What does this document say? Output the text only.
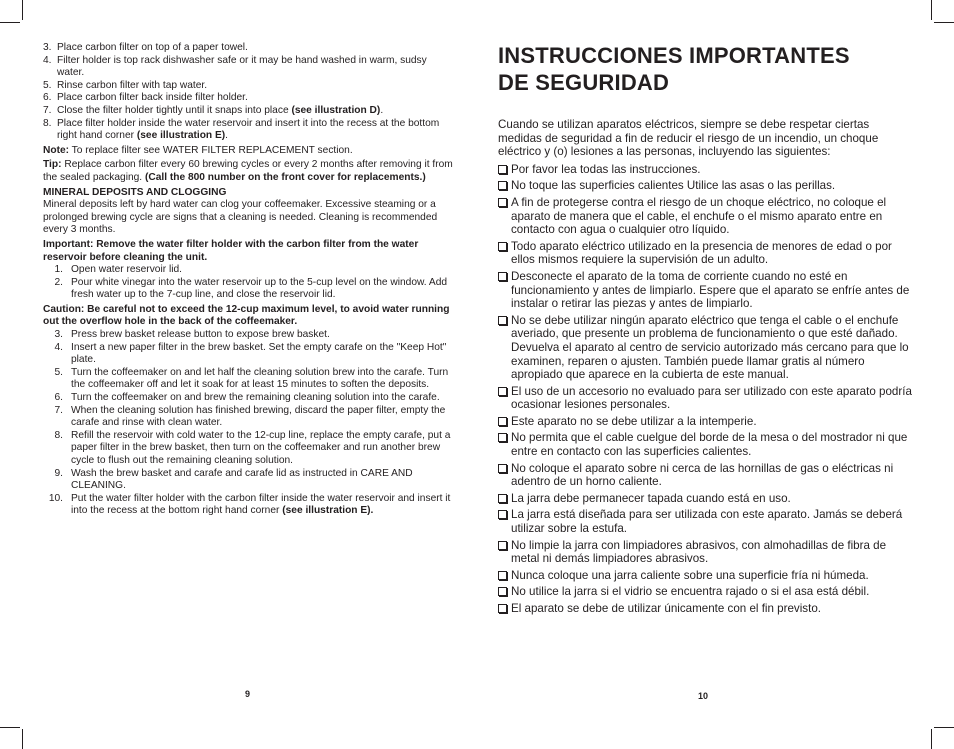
3. Place carbon filter on top of a paper towel.
4. Filter holder is top rack dishwasher safe or it may be hand washed in warm, sudsy water.
5. Rinse carbon filter with tap water.
6. Place carbon filter back inside filter holder.
7. Close the filter holder tightly until it snaps into place (see illustration D).
8. Place filter holder inside the water reservoir and insert it into the recess at the bottom right hand corner (see illustration E).

Note: To replace filter see WATER FILTER REPLACEMENT section.

Tip: Replace carbon filter every 60 brewing cycles or every 2 months after removing it from the sealed packaging. (Call the 800 number on the front cover for replacements.)

MINERAL DEPOSITS AND CLOGGING

Mineral deposits left by hard water can clog your coffeemaker. Excessive steaming or a prolonged brewing cycle are signs that a cleaning is needed. Cleaning is recommended every 3 months.

Important: Remove the water filter holder with the carbon filter from the water reservoir before cleaning the unit.

1. Open water reservoir lid.
2. Pour white vinegar into the water reservoir up to the 5-cup level on the window. Add fresh water up to the 7-cup line, and close the reservoir lid.

Caution: Be careful not to exceed the 12-cup maximum level, to avoid water running out the overflow hole in the back of the coffeemaker.

3. Press brew basket release button to expose brew basket.
4. Insert a new paper filter in the brew basket. Set the empty carafe on the "Keep Hot" plate.
5. Turn the coffeemaker on and let half the cleaning solution brew into the carafe. Turn the coffeemaker off and let it soak for at least 15 minutes to soften the deposits.
6. Turn the coffeemaker on and brew the remaining cleaning solution into the carafe.
7. When the cleaning solution has finished brewing, discard the paper filter, empty the carafe and rinse with clean water.
8. Refill the reservoir with cold water to the 12-cup line, replace the empty carafe, put a paper filter in the brew basket, then turn on the coffeemaker and run another brew cycle to flush out the remaining cleaning solution.
9. Wash the brew basket and carafe and carafe lid as instructed in CARE AND CLEANING.
10. Put the water filter holder with the carbon filter inside the water reservoir and insert it into the recess at the bottom right hand corner (see illustration E).
9
INSTRUCCIONES IMPORTANTES
DE SEGURIDAD

Cuando se utilizan aparatos eléctricos, siempre se debe respetar ciertas medidas de seguridad a fin de reducir el riesgo de un incendio, un choque eléctrico y (o) lesiones a las personas, incluyendo las siguientes:

Por favor lea todas las instrucciones.
No toque las superficies calientes Utilice las asas o las perillas.
A fin de protegerse contra el riesgo de un choque eléctrico, no coloque el aparato de manera que el cable, el enchufe o el mismo aparato entre en contacto con agua o cualquier otro líquido.
Todo aparato eléctrico utilizado en la presencia de menores de edad o por ellos mismos requiere la supervisión de un adulto.
Desconecte el aparato de la toma de corriente cuando no esté en funcionamiento y antes de limpiarlo. Espere que el aparato se enfríe antes de instalar o retirar las piezas y antes de limpiarlo.
No se debe utilizar ningún aparato eléctrico que tenga el cable o el enchufe averiado, que presente un problema de funcionamiento o que esté dañado. Devuelva el aparato al centro de servicio autorizado más cercano para que lo examinen, reparen o ajusten. También puede llamar gratis al número apropiado que aparece en la cubierta de este manual.
El uso de un accesorio no evaluado para ser utilizado con este aparato podría ocasionar lesiones personales.
Este aparato no se debe utilizar a la intemperie.
No permita que el cable cuelgue del borde de la mesa o del mostrador ni que entre en contacto con las superficies calientes.
No coloque el aparato sobre ni cerca de las hornillas de gas o eléctricas ni adentro de un horno caliente.
La jarra debe permanecer tapada cuando está en uso.
La jarra está diseñada para ser utilizada con este aparato. Jamás se deberá utilizar sobre la estufa.
No limpie la jarra con limpiadores abrasivos, con almohadillas de fibra de metal ni demás limpiadores abrasivos.
Nunca coloque una jarra caliente sobre una superficie fría ni húmeda.
No utilice la jarra si el vidrio se encuentra rajado o si el asa está débil.
El aparato se debe de utilizar únicamente con el fin previsto.
10
